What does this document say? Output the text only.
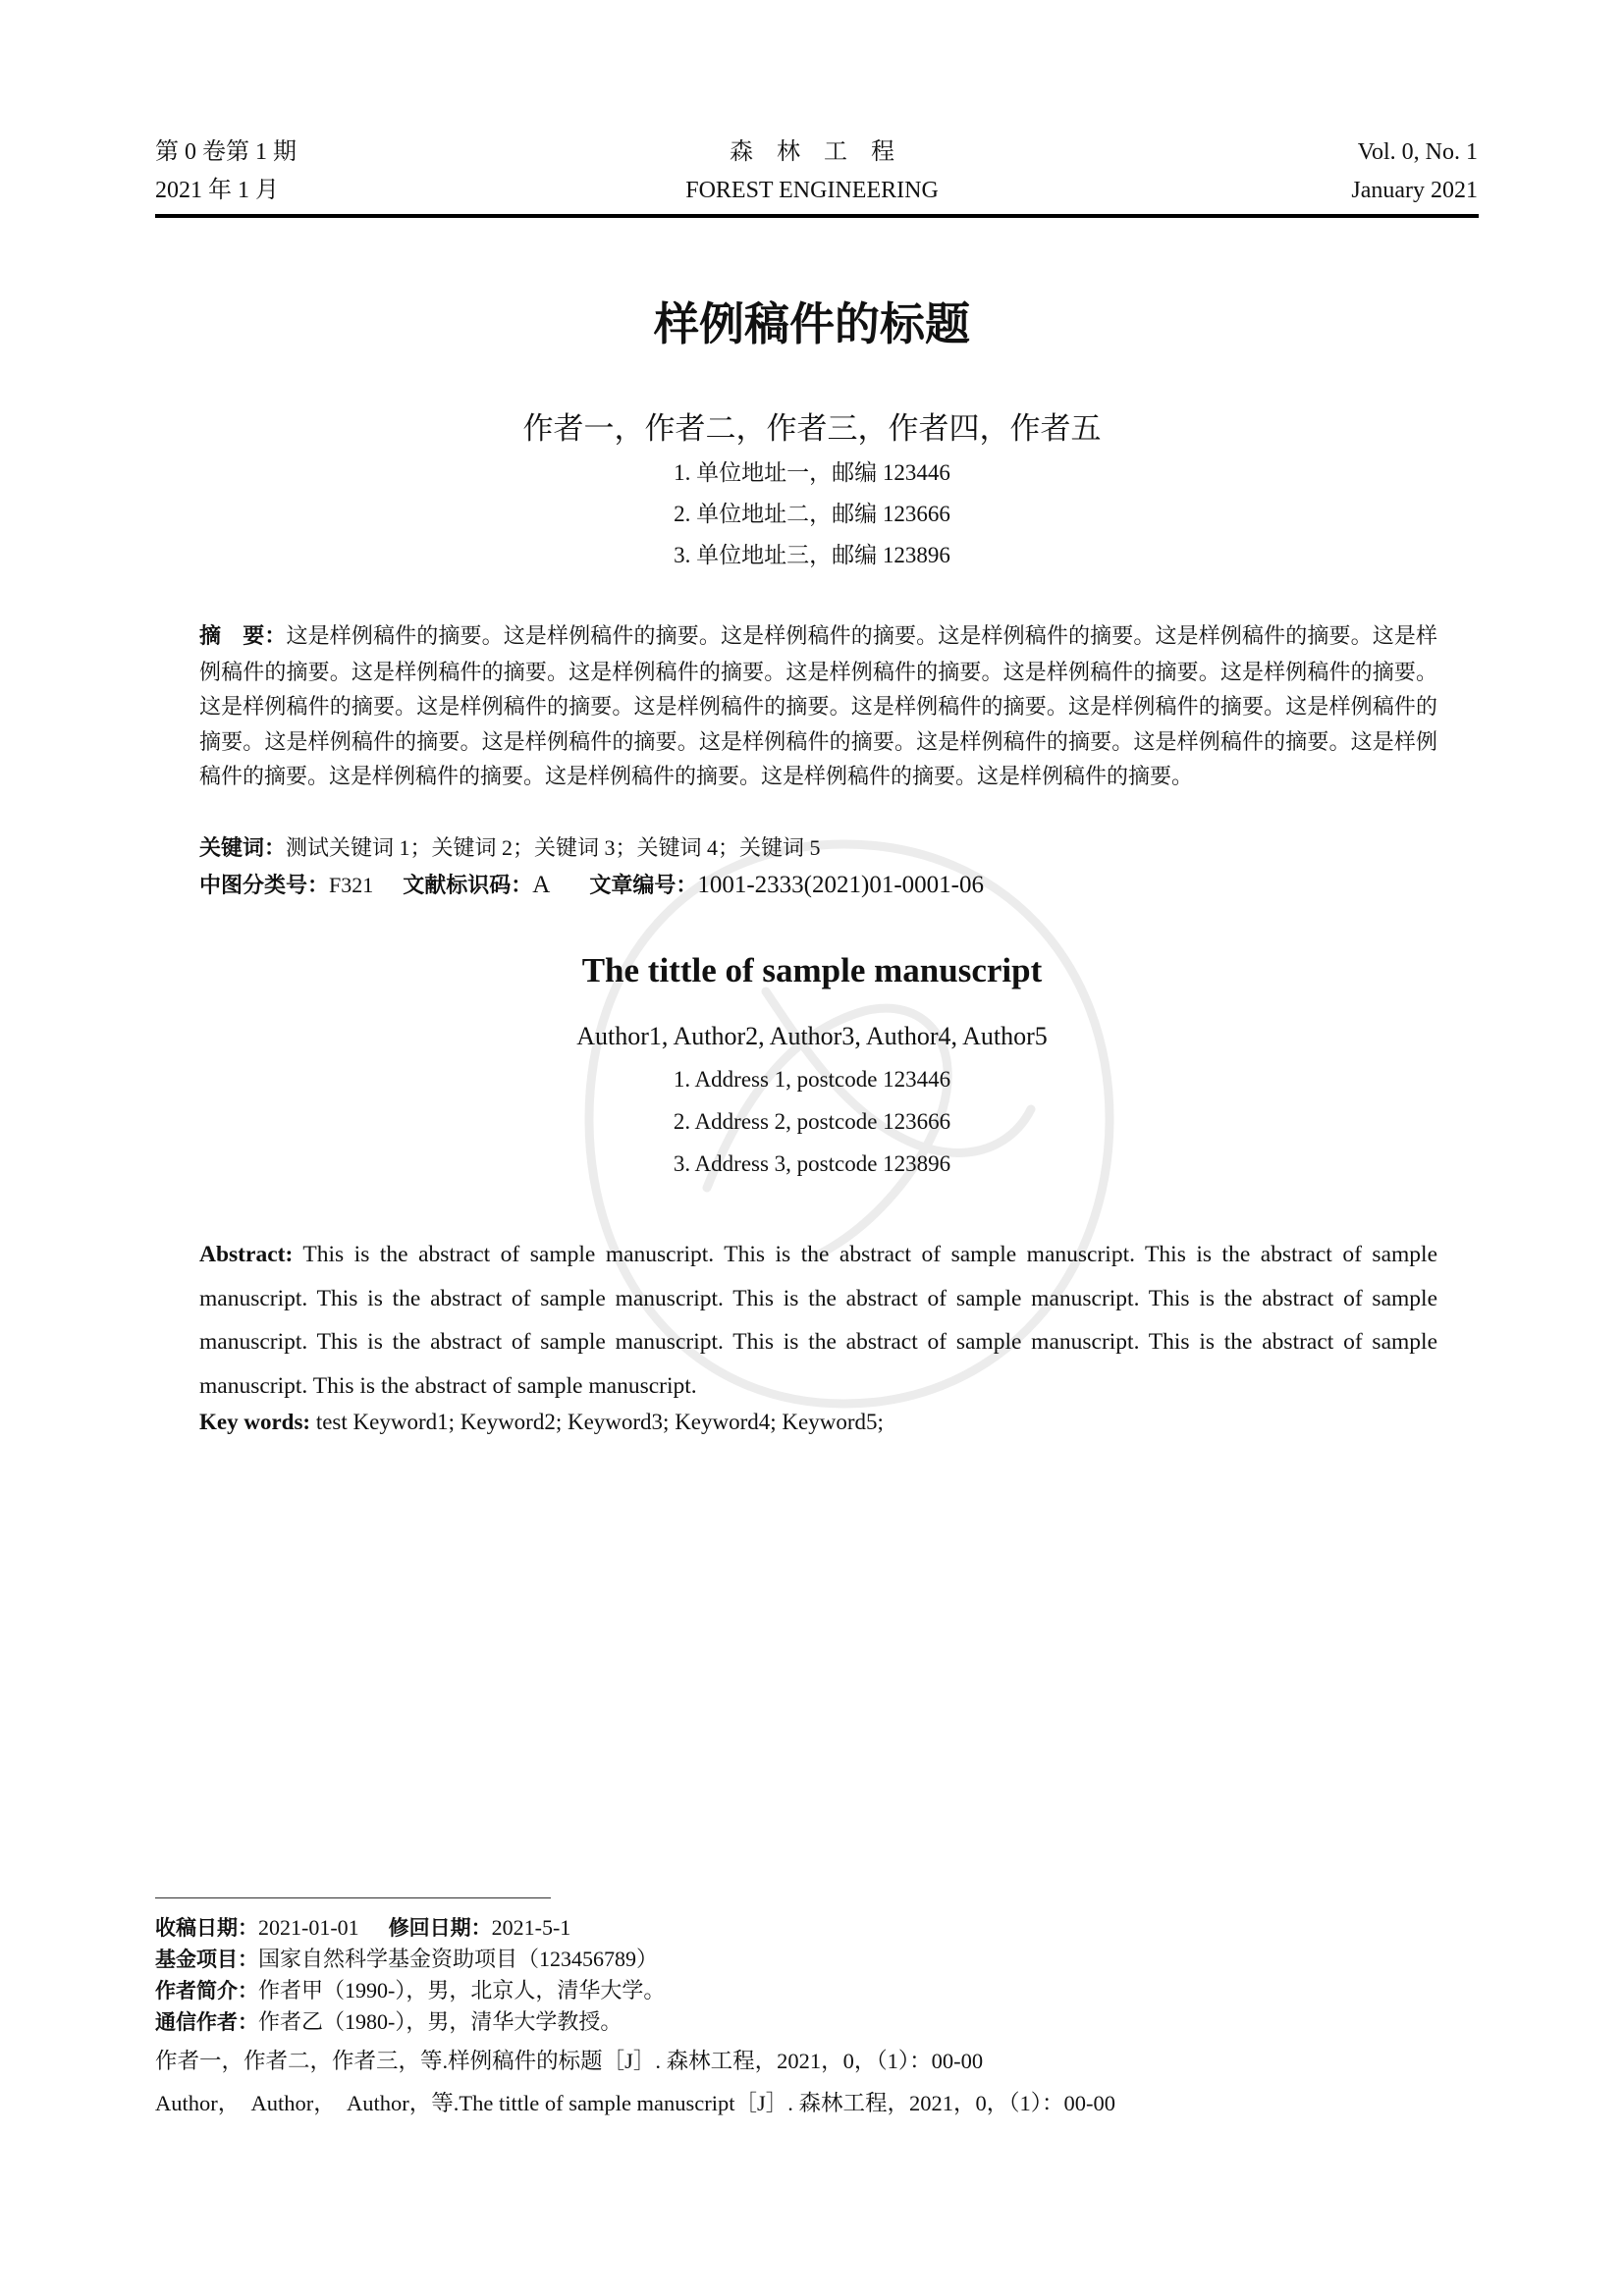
第 0 卷第 1 期
2021 年 1 月
森　林　工　程
FOREST ENGINEERING
Vol. 0, No. 1
January 2021
样例稿件的标题
作者一，作者二，作者三，作者四，作者五
1. 单位地址一，邮编 123446
2. 单位地址二，邮编 123666
3. 单位地址三，邮编 123896
摘　要：这是样例稿件的摘要。这是样例稿件的摘要。这是样例稿件的摘要。这是样例稿件的摘要。这是样例稿件的摘要。这是样例稿件的摘要。这是样例稿件的摘要。这是样例稿件的摘要。这是样例稿件的摘要。这是样例稿件的摘要。这是样例稿件的摘要。这是样例稿件的摘要。这是样例稿件的摘要。这是样例稿件的摘要。这是样例稿件的摘要。这是样例稿件的摘要。这是样例稿件的摘要。这是样例稿件的摘要。这是样例稿件的摘要。这是样例稿件的摘要。这是样例稿件的摘要。这是样例稿件的摘要。这是样例稿件的摘要。这是样例稿件的摘要。这是样例稿件的摘要。这是样例稿件的摘要。这是样例稿件的摘要。
关键词：测试关键词 1；关键词 2；关键词 3；关键词 4；关键词 5
中图分类号：F321 文献标识码：A 文章编号：1001-2333(2021)01-0001-06
The tittle of sample manuscript
Author1, Author2, Author3, Author4, Author5
1. Address 1, postcode 123446
2. Address 2, postcode 123666
3. Address 3, postcode 123896
Abstract: This is the abstract of sample manuscript. This is the abstract of sample manuscript. This is the abstract of sample manuscript. This is the abstract of sample manuscript. This is the abstract of sample manuscript. This is the abstract of sample manuscript. This is the abstract of sample manuscript. This is the abstract of sample manuscript. This is the abstract of sample manuscript. This is the abstract of sample manuscript.
Key words: test Keyword1; Keyword2; Keyword3; Keyword4; Keyword5;
收稿日期：2021-01-01 修回日期：2021-5-1
基金项目：国家自然科学基金资助项目（123456789）
作者简介：作者甲（1990-），男，北京人，清华大学。
通信作者：作者乙（1980-），男，清华大学教授。
作者一，作者二，作者三，等.样例稿件的标题［J］. 森林工程，2021，0，（1）：00-00
Author，　Author，　Author，等.The tittle of sample manuscript［J］. 森林工程，2021，0，（1）：00-00
